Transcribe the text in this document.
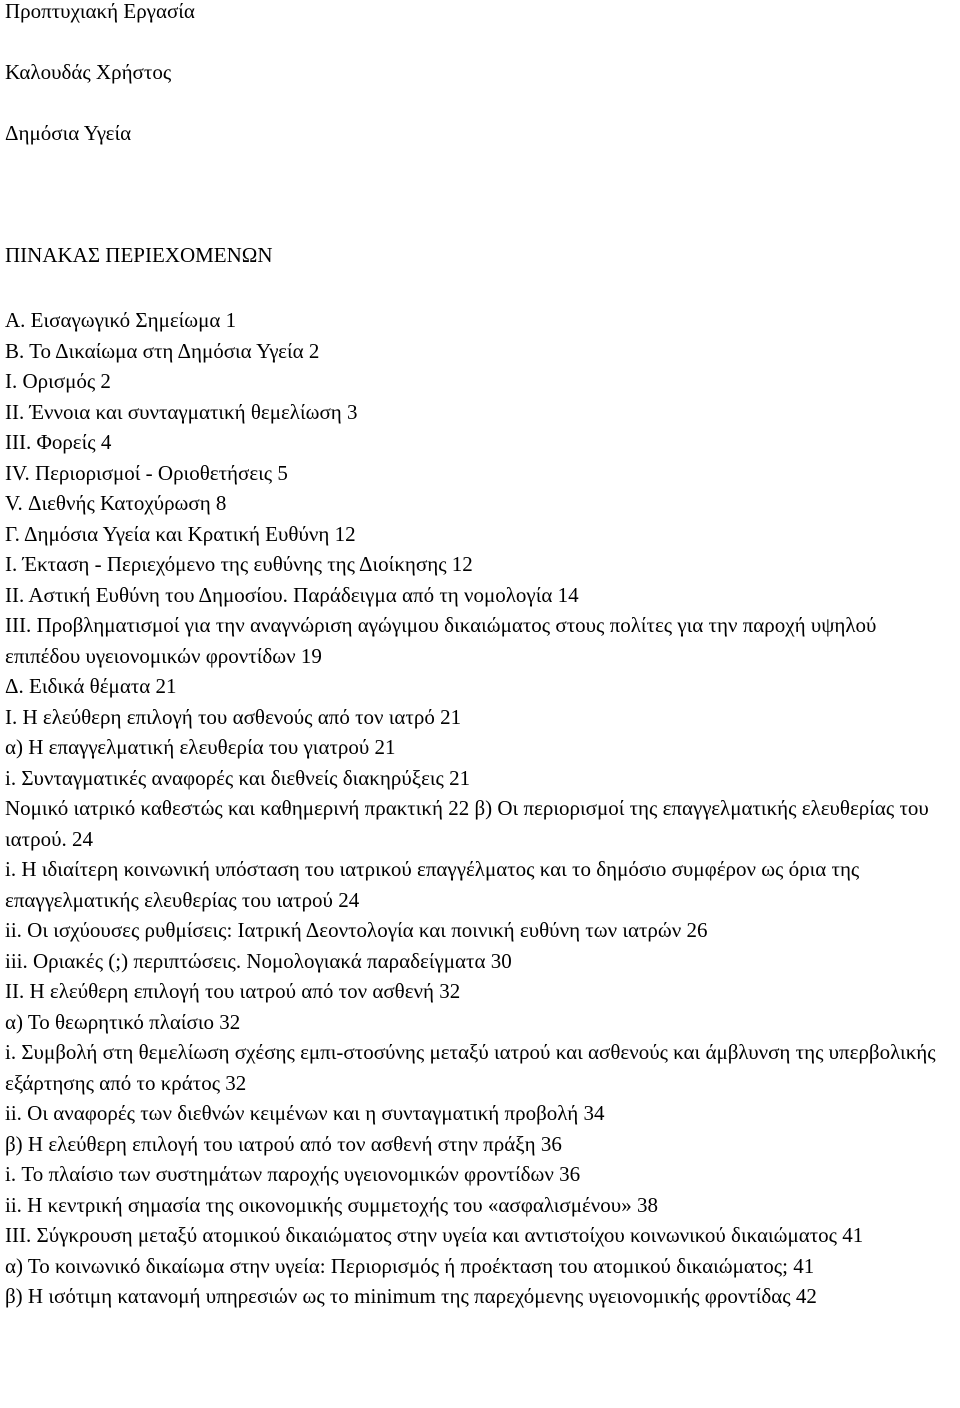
Προπτυχιακή Εργασία
Καλουδάς Χρήστος
Δημόσια Υγεία
ΠΙΝΑΚΑΣ ΠΕΡΙΕΧΟΜΕΝΩΝ
Α. Εισαγωγικό Σημείωμα 1
Β. Το Δικαίωμα στη Δημόσια Υγεία 2
Ι. Ορισμός 2
ΙΙ. Έννοια και συνταγματική θεμελίωση 3
ΙΙΙ. Φορείς 4
IV. Περιορισμοί - Οριοθετήσεις 5
V. Διεθνής Κατοχύρωση 8
Γ. Δημόσια Υγεία και Κρατική Ευθύνη 12
Ι. Έκταση - Περιεχόμενο της ευθύνης της Διοίκησης 12
ΙΙ. Αστική Ευθύνη του Δημοσίου. Παράδειγμα από τη νομολογία 14
ΙΙΙ. Προβληματισμοί για την αναγνώριση αγώγιμου δικαιώματος στους πολίτες για την παροχή υψηλού επιπέδου υγειονομικών φροντίδων 19
Δ. Ειδικά θέματα 21
Ι. Η ελεύθερη επιλογή του ασθενούς από τον ιατρό 21
α) Η επαγγελματική ελευθερία του γιατρού 21
i. Συνταγματικές αναφορές και διεθνείς διακηρύξεις 21
Νομικό ιατρικό καθεστώς και καθημερινή πρακτική 22 β) Οι περιορισμοί της επαγγελματικής ελευθερίας του ιατρού. 24
i. Η ιδιαίτερη κοινωνική υπόσταση του ιατρικού επαγγέλματος και το δημόσιο συμφέρον ως όρια της επαγγελματικής ελευθερίας του ιατρού 24
ii. Οι ισχύουσες ρυθμίσεις: Ιατρική Δεοντολογία και ποινική ευθύνη των ιατρών 26
iii. Οριακές (;) περιπτώσεις. Νομολογιακά παραδείγματα 30
ΙΙ. Η ελεύθερη επιλογή του ιατρού από τον ασθενή 32
α) Το θεωρητικό πλαίσιο 32
i. Συμβολή στη θεμελίωση σχέσης εμπι-στοσύνης μεταξύ ιατρού και ασθενούς και άμβλυνση της υπερβολικής εξάρτησης από το κράτος 32
ii. Οι αναφορές των διεθνών κειμένων και η συνταγματική προβολή 34
β) Η ελεύθερη επιλογή του ιατρού από τον ασθενή στην πράξη 36
i. Το πλαίσιο των συστημάτων παροχής υγειονομικών φροντίδων 36
ii. Η κεντρική σημασία της οικονομικής συμμετοχής του «ασφαλισμένου» 38
ΙΙΙ. Σύγκρουση μεταξύ ατομικού δικαιώματος στην υγεία και αντιστοίχου κοινωνικού δικαιώματος 41
α) Το κοινωνικό δικαίωμα στην υγεία: Περιορισμός ή προέκταση του ατομικού δικαιώματος; 41
β) Η ισότιμη κατανομή υπηρεσιών ως το minimum της παρεχόμενης υγειονομικής φροντίδας 42
